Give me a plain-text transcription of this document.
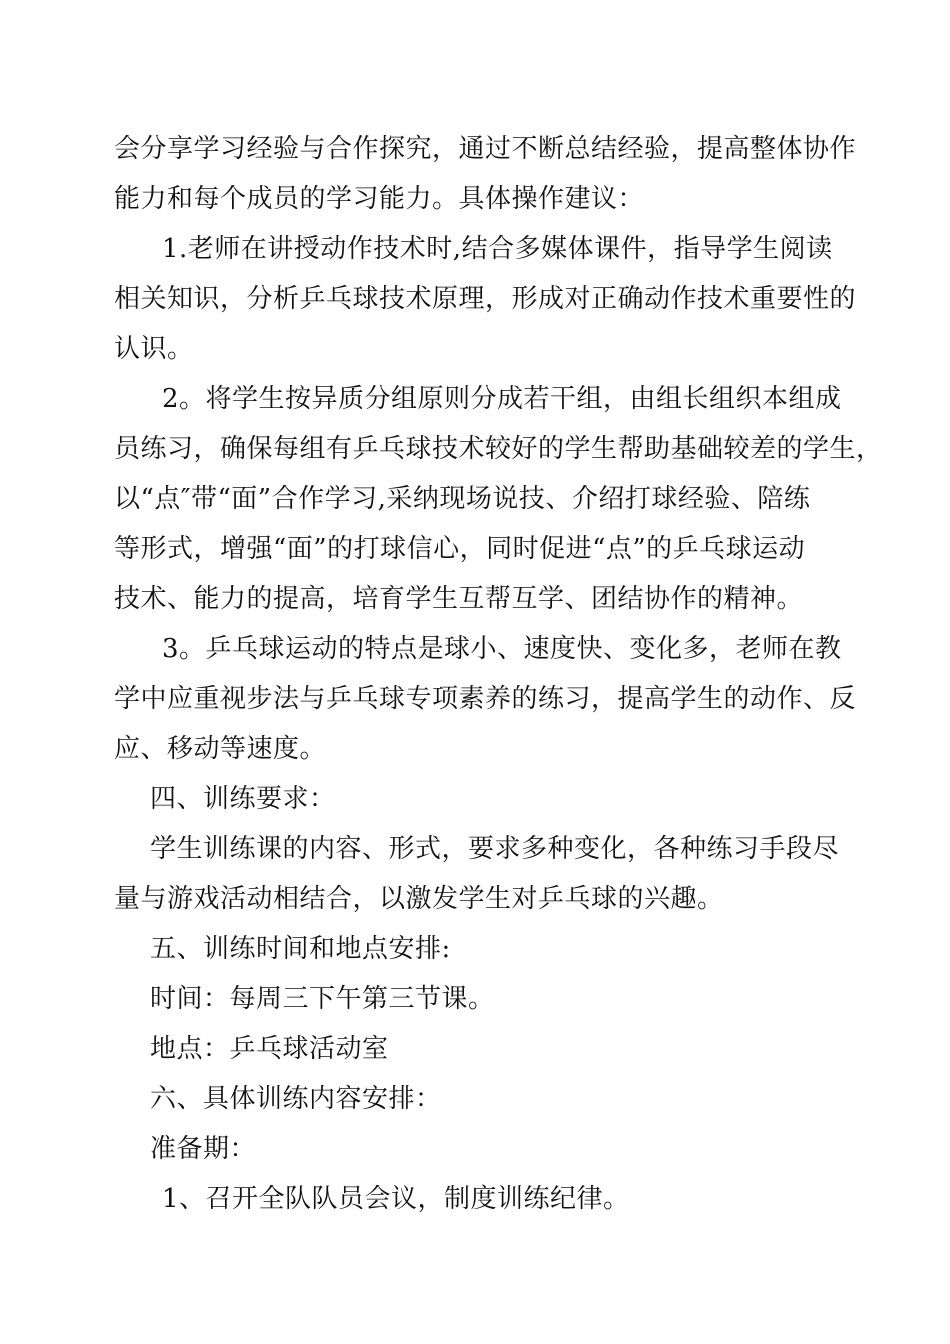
会分享学习经验与合作探究，通过不断总结经验，提高整体协作
能力和每个成员的学习能力。具体操作建议：
1.老师在讲授动作技术时,结合多媒体课件，指导学生阅读
相关知识，分析乒乓球技术原理，形成对正确动作技术重要性的
认识。
2。将学生按异质分组原则分成若干组，由组长组织本组成
员练习，确保每组有乒乓球技术较好的学生帮助基础较差的学生，
以“点″带“面”合作学习,采纳现场说技、介绍打球经验、陪练
等形式，增强“面”的打球信心，同时促进“点”的乒乓球运动
技术、能力的提高，培育学生互帮互学、团结协作的精神。
3。乒乓球运动的特点是球小、速度快、变化多，老师在教
学中应重视步法与乒乓球专项素养的练习，提高学生的动作、反
应、移动等速度。
四、训练要求：
学生训练课的内容、形式，要求多种变化，各种练习手段尽
量与游戏活动相结合，以激发学生对乒乓球的兴趣。
五、训练时间和地点安排:
时间：每周三下午第三节课。
地点：乒乓球活动室
六、具体训练内容安排：
准备期：
1、召开全队队员会议，制度训练纪律。
